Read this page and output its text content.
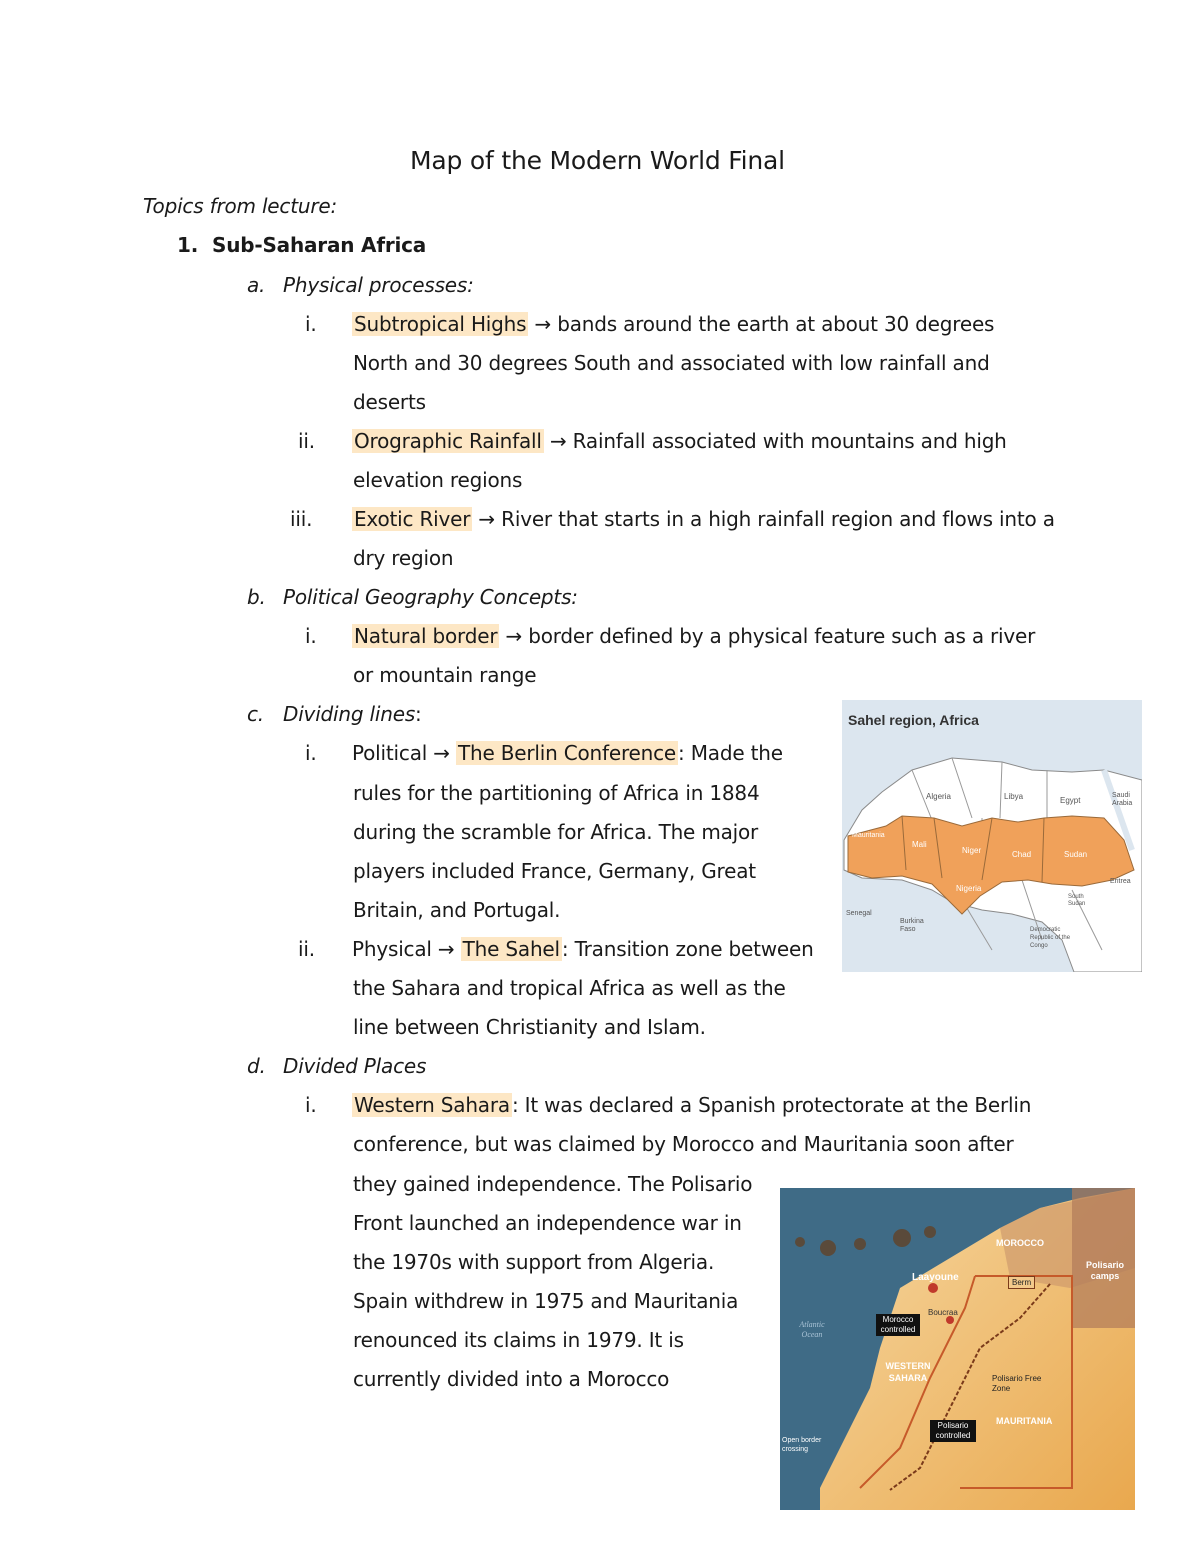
Map of the Modern World Final
Topics from lecture:
1. Sub-Saharan Africa
a. Physical processes:
i. Subtropical Highs → bands around the earth at about 30 degrees
North and 30 degrees South and associated with low rainfall and
deserts
ii. Orographic Rainfall → Rainfall associated with mountains and high
elevation regions
iii. Exotic River → River that starts in a high rainfall region and flows into a
dry region
b. Political Geography Concepts:
i. Natural border → border defined by a physical feature such as a river
or mountain range
c. Dividing lines:
i. Political → The Berlin Conference : Made the
rules for the partitioning of Africa in 1884
during the scramble for Africa. The major
players included France, Germany, Great
Britain, and Portugal.
ii. Physical → The Sahel : Transition zone between
the Sahara and tropical Africa as well as the
line between Christianity and Islam.
d. Divided Places
i. Western Sahara : It was declared a Spanish protectorate at the Berlin
conference, but was claimed by Morocco and Mauritania soon after
they gained independence. The Polisario
Front launched an independence war in
the 1970s with support from Algeria.
Spain withdrew in 1975 and Mauritania
renounced its claims in 1979. It is
currently divided into a Morocco
Sahel region, Africa
Algeria	Libya	Egypt
Saudi Arabia
Mauritania
Mali
Niger	Chad	Sudan
Nigeria
Eritrea
Senegal
Burkina Faso
South Sudan
Democratic Republic of the Congo
MOROCCO
Polisario camps
Laayoune	Berm
Boucraa
Morocco controlled
Atlantic Ocean
WESTERN SAHARA	Polisario Free Zone
Polisario controlled
MAURITANIA
Open border crossing
